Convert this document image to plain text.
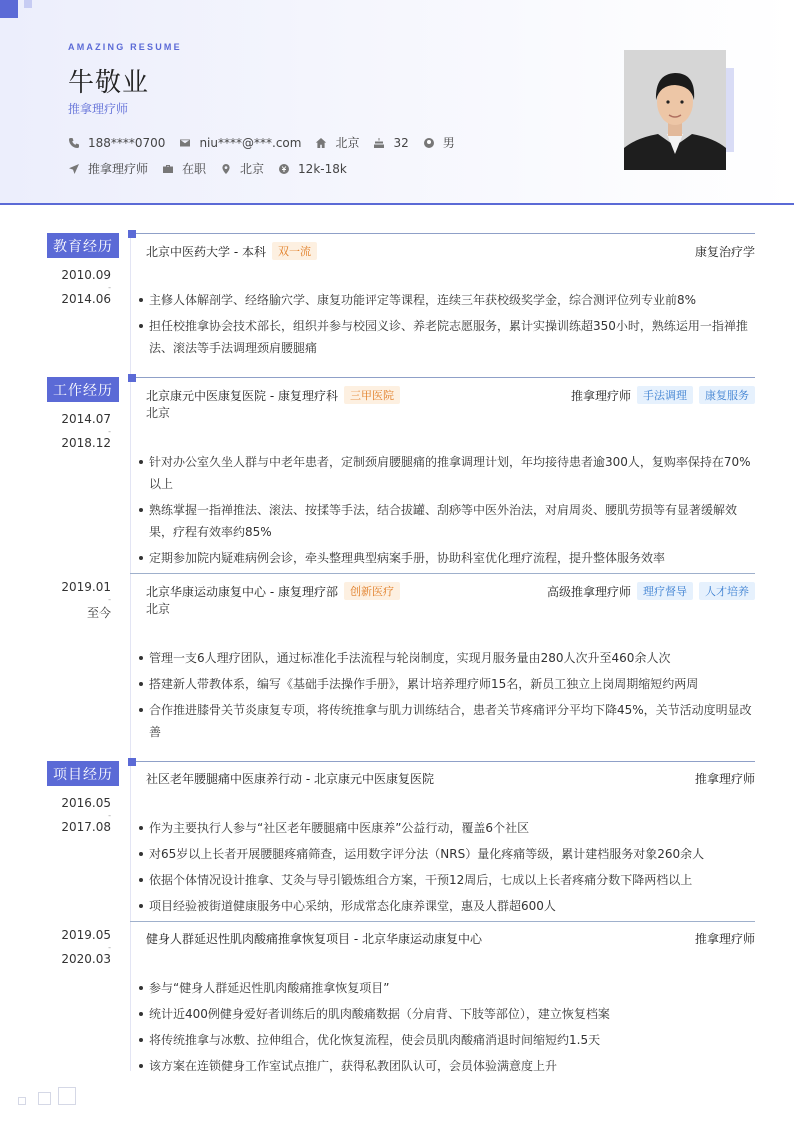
AMAZING RESUME
牛敬业
推拿理疗师
188****0700	niu****@***.com	北京	32	男
推拿理疗师	在职	北京	12k-18k
教育经历
2010.09
-
2014.06
北京中医药大学 - 本科	双一流	康复治疗学
主修人体解剖学、经络腧穴学、康复功能评定等课程，连续三年获校级奖学金，综合测评位列专业前8%
担任校推拿协会技术部长，组织并参与校园义诊、养老院志愿服务，累计实操训练超350小时，熟练运用一指禅推法、滚法等手法调理颈肩腰腿痛
工作经历
2014.07
-
2018.12
北京康元中医康复医院 - 康复理疗科	三甲医院	推拿理疗师	手法调理	康复服务
北京
针对办公室久坐人群与中老年患者，定制颈肩腰腿痛的推拿调理计划，年均接待患者逾300人，复购率保持在70%以上
熟练掌握一指禅推法、滚法、按揉等手法，结合拔罐、刮痧等中医外治法，对肩周炎、腰肌劳损等有显著缓解效果，疗程有效率约85%
定期参加院内疑难病例会诊，牵头整理典型病案手册，协助科室优化理疗流程，提升整体服务效率
2019.01
-
至今
北京华康运动康复中心 - 康复理疗部	创新医疗	高级推拿理疗师	理疗督导	人才培养
北京
管理一支6人理疗团队，通过标准化手法流程与轮岗制度，实现月服务量由280人次升至460余人次
搭建新人带教体系，编写《基础手法操作手册》，累计培养理疗师15名，新员工独立上岗周期缩短约两周
合作推进膝骨关节炎康复专项，将传统推拿与肌力训练结合，患者关节疼痛评分平均下降45%，关节活动度明显改善
项目经历
2016.05
-
2017.08
社区老年腰腿痛中医康养行动 - 北京康元中医康复医院	推拿理疗师
作为主要执行人参与“社区老年腰腿痛中医康养”公益行动，覆盖6个社区
对65岁以上长者开展腰腿疼痛筛查，运用数字评分法（NRS）量化疼痛等级，累计建档服务对象260余人
依据个体情况设计推拿、艾灸与导引锻炼组合方案，干预12周后，七成以上长者疼痛分数下降两档以上
项目经验被街道健康服务中心采纳，形成常态化康养课堂，惠及人群超600人
2019.05
-
2020.03
健身人群延迟性肌肉酸痛推拿恢复项目 - 北京华康运动康复中心	推拿理疗师
参与“健身人群延迟性肌肉酸痛推拿恢复项目”
统计近400例健身爱好者训练后的肌肉酸痛数据（分肩背、下肢等部位），建立恢复档案
将传统推拿与冰敷、拉伸组合，优化恢复流程，使会员肌肉酸痛消退时间缩短约1.5天
该方案在连锁健身工作室试点推广，获得私教团队认可，会员体验满意度上升
